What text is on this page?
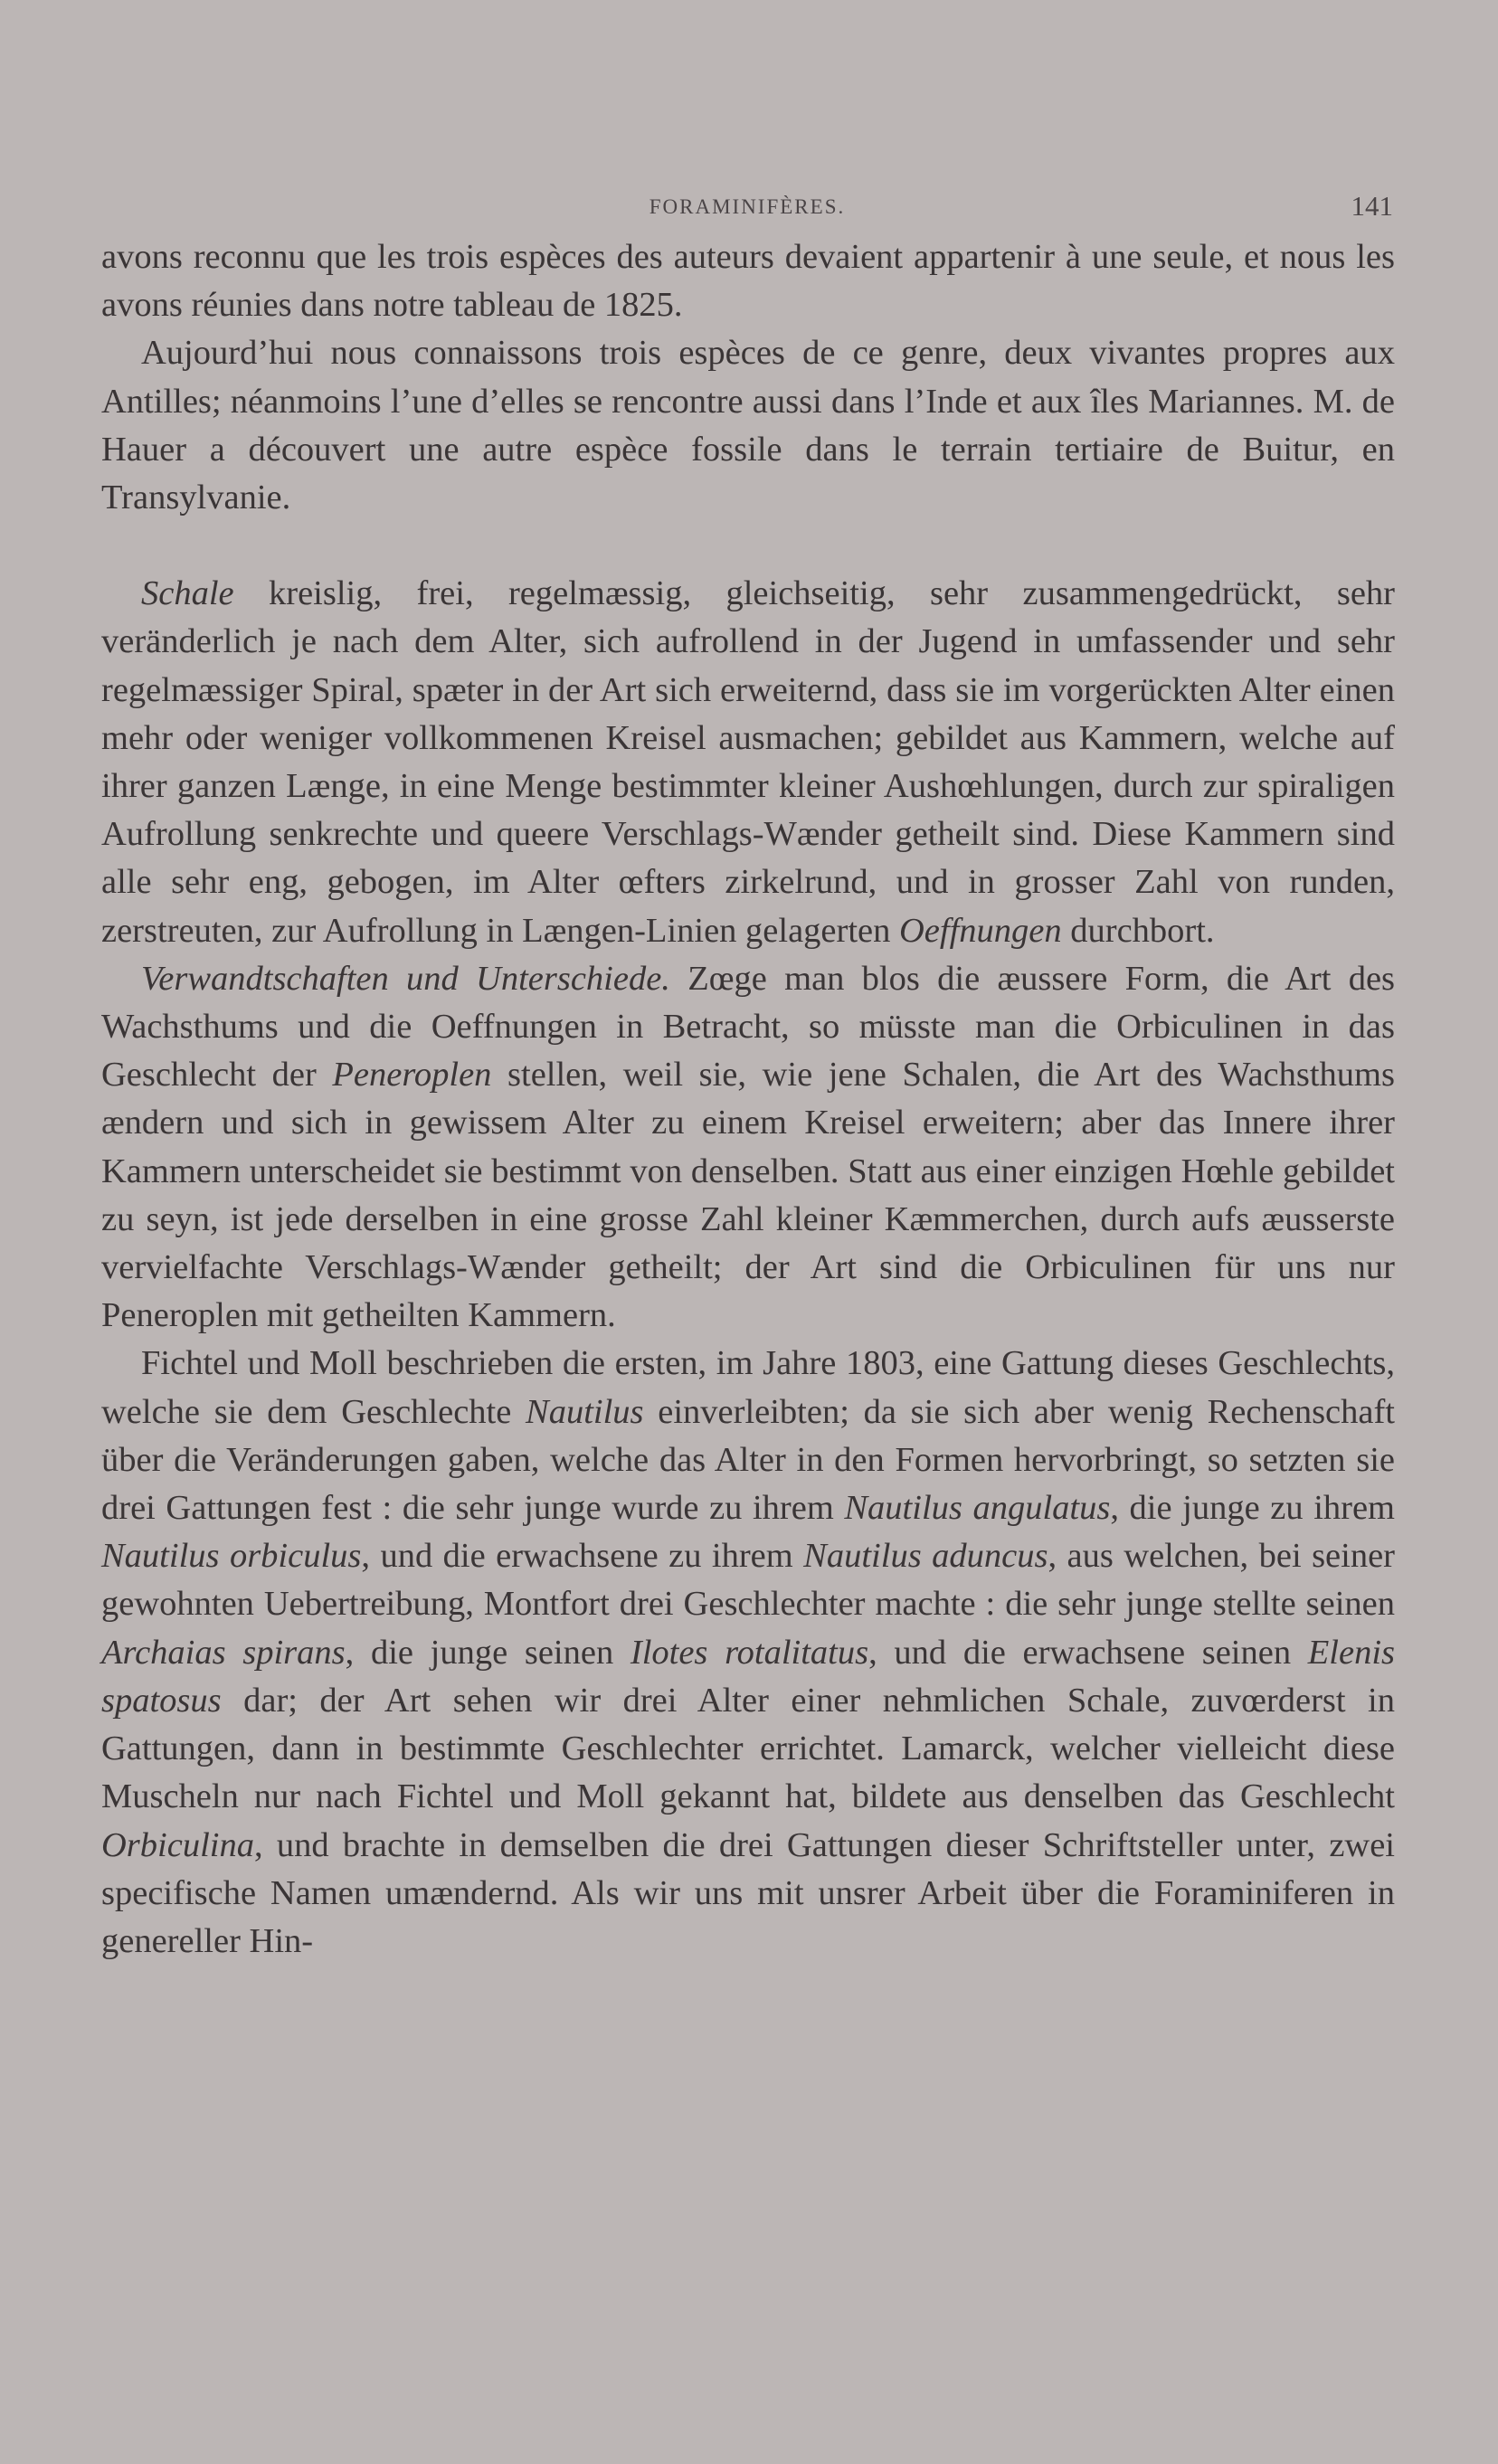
FORAMINIFÈRES.	141

avons reconnu que les trois espèces des auteurs devaient appartenir à une seule, et nous les avons réunies dans notre tableau de 1825.

Aujourd’hui nous connaissons trois espèces de ce genre, deux vivantes propres aux Antilles; néanmoins l’une d’elles se rencontre aussi dans l’Inde et aux îles Mariannes. M. de Hauer a découvert une autre espèce fossile dans le terrain tertiaire de Buitur, en Transylvanie.

Schale kreislig, frei, regelmæssig, gleichseitig, sehr zusammengedrückt, sehr veränderlich je nach dem Alter, sich aufrollend in der Jugend in umfassender und sehr regelmæssiger Spiral, spæter in der Art sich erweiternd, dass sie im vorgerückten Alter einen mehr oder weniger vollkommenen Kreisel ausmachen; gebildet aus Kammern, welche auf ihrer ganzen Længe, in eine Menge bestimmter kleiner Aushœhlungen, durch zur spiraligen Aufrollung senkrechte und queere Verschlags-Wænder getheilt sind. Diese Kammern sind alle sehr eng, gebogen, im Alter œfters zirkelrund, und in grosser Zahl von runden, zerstreuten, zur Aufrollung in Længen-Linien gelagerten Oeffnungen durchbort.

Verwandtschaften und Unterschiede. Zœge man blos die æussere Form, die Art des Wachsthums und die Oeffnungen in Betracht, so müsste man die Orbiculinen in das Geschlecht der Peneroplen stellen, weil sie, wie jene Schalen, die Art des Wachsthums ændern und sich in gewissem Alter zu einem Kreisel erweitern; aber das Innere ihrer Kammern unterscheidet sie bestimmt von denselben. Statt aus einer einzigen Hœhle gebildet zu seyn, ist jede derselben in eine grosse Zahl kleiner Kæmmerchen, durch aufs æusserste vervielfachte Verschlags-Wænder getheilt; der Art sind die Orbiculinen für uns nur Peneroplen mit getheilten Kammern.

Fichtel und Moll beschrieben die ersten, im Jahre 1803, eine Gattung dieses Geschlechts, welche sie dem Geschlechte Nautilus einverleibten; da sie sich aber wenig Rechenschaft über die Veränderungen gaben, welche das Alter in den Formen hervorbringt, so setzten sie drei Gattungen fest : die sehr junge wurde zu ihrem Nautilus angulatus, die junge zu ihrem Nautilus orbiculus, und die erwachsene zu ihrem Nautilus aduncus, aus welchen, bei seiner gewohnten Uebertreibung, Montfort drei Geschlechter machte : die sehr junge stellte seinen Archaias spirans, die junge seinen Ilotes rotalitatus, und die erwachsene seinen Elenis spatosus dar; der Art sehen wir drei Alter einer nehmlichen Schale, zuvœrderst in Gattungen, dann in bestimmte Geschlechter errichtet. Lamarck, welcher vielleicht diese Muscheln nur nach Fichtel und Moll gekannt hat, bildete aus denselben das Geschlecht Orbiculina, und brachte in demselben die drei Gattungen dieser Schriftsteller unter, zwei specifische Namen umændernd. Als wir uns mit unsrer Arbeit über die Foraminiferen in genereller Hin-
